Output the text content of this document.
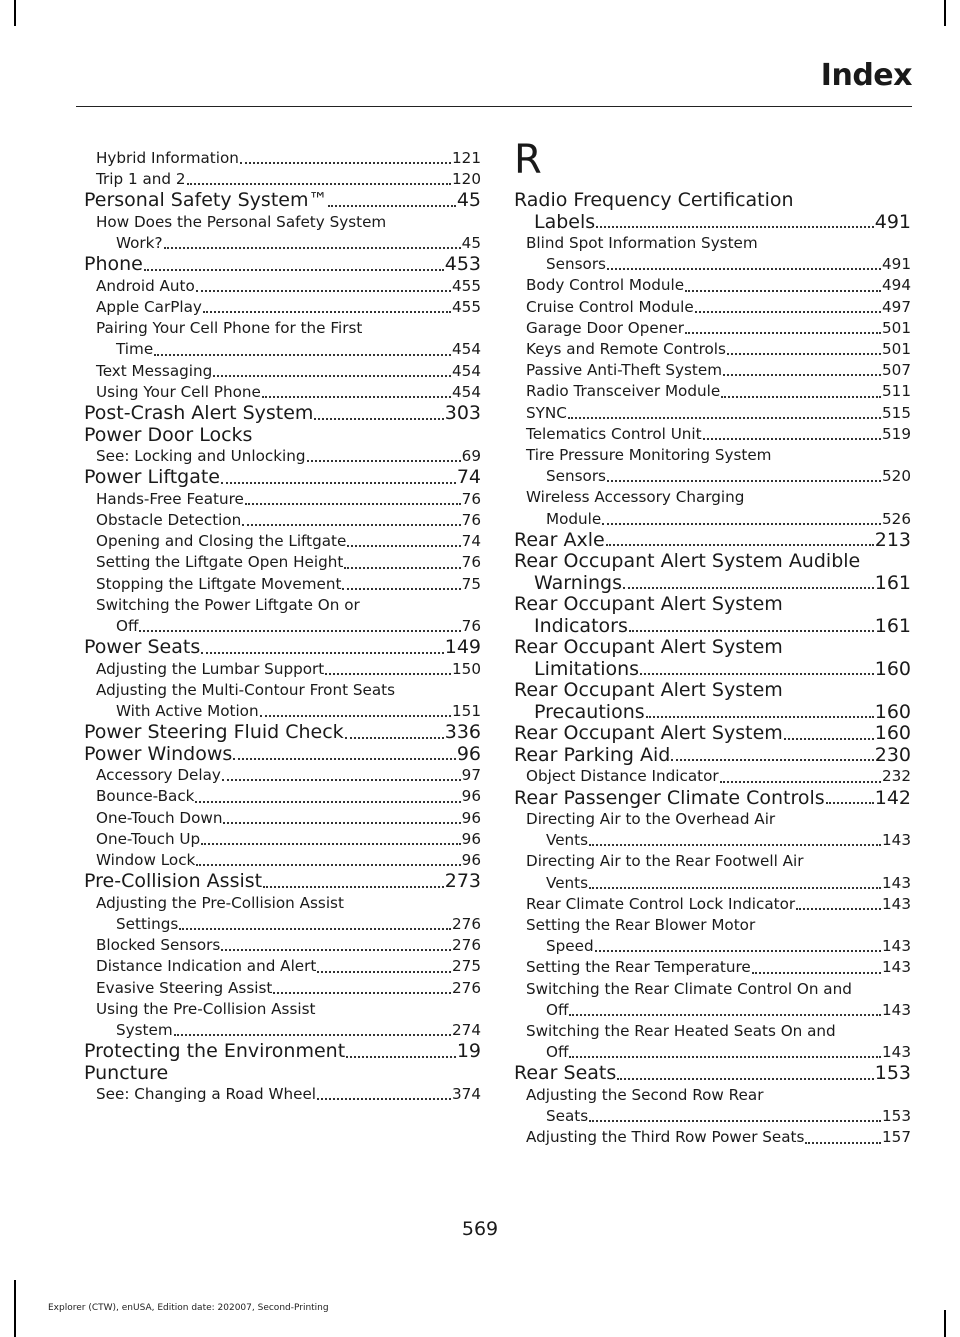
Index
Hybrid Information	121
Trip 1 and 2	120
Personal Safety System™	45
How Does the Personal Safety System
Work?	45
Phone	453
Android Auto	455
Apple CarPlay	455
Pairing Your Cell Phone for the First
Time	454
Text Messaging	454
Using Your Cell Phone	454
Post-Crash Alert System	303
Power Door Locks
See: Locking and Unlocking	69
Power Liftgate	74
Hands-Free Feature	76
Obstacle Detection	76
Opening and Closing the Liftgate	74
Setting the Liftgate Open Height	76
Stopping the Liftgate Movement	75
Switching the Power Liftgate On or
Off	76
Power Seats	149
Adjusting the Lumbar Support	150
Adjusting the Multi-Contour Front Seats
With Active Motion	151
Power Steering Fluid Check	336
Power Windows	96
Accessory Delay	97
Bounce-Back	96
One-Touch Down	96
One-Touch Up	96
Window Lock	96
Pre-Collision Assist	273
Adjusting the Pre-Collision Assist
Settings	276
Blocked Sensors	276
Distance Indication and Alert	275
Evasive Steering Assist	276
Using the Pre-Collision Assist
System	274
Protecting the Environment	19
Puncture
See: Changing a Road Wheel	374
R
Radio Frequency Certification
Labels	491
Blind Spot Information System
Sensors	491
Body Control Module	494
Cruise Control Module	497
Garage Door Opener	501
Keys and Remote Controls	501
Passive Anti-Theft System	507
Radio Transceiver Module	511
SYNC	515
Telematics Control Unit	519
Tire Pressure Monitoring System
Sensors	520
Wireless Accessory Charging
Module	526
Rear Axle	213
Rear Occupant Alert System Audible
Warnings	161
Rear Occupant Alert System
Indicators	161
Rear Occupant Alert System
Limitations	160
Rear Occupant Alert System
Precautions	160
Rear Occupant Alert System	160
Rear Parking Aid	230
Object Distance Indicator	232
Rear Passenger Climate Controls	142
Directing Air to the Overhead Air
Vents	143
Directing Air to the Rear Footwell Air
Vents	143
Rear Climate Control Lock Indicator	143
Setting the Rear Blower Motor
Speed	143
Setting the Rear Temperature	143
Switching the Rear Climate Control On and
Off	143
Switching the Rear Heated Seats On and
Off	143
Rear Seats	153
Adjusting the Second Row Rear
Seats	153
Adjusting the Third Row Power Seats	157
569
Explorer (CTW), enUSA, Edition date: 202007, Second-Printing
